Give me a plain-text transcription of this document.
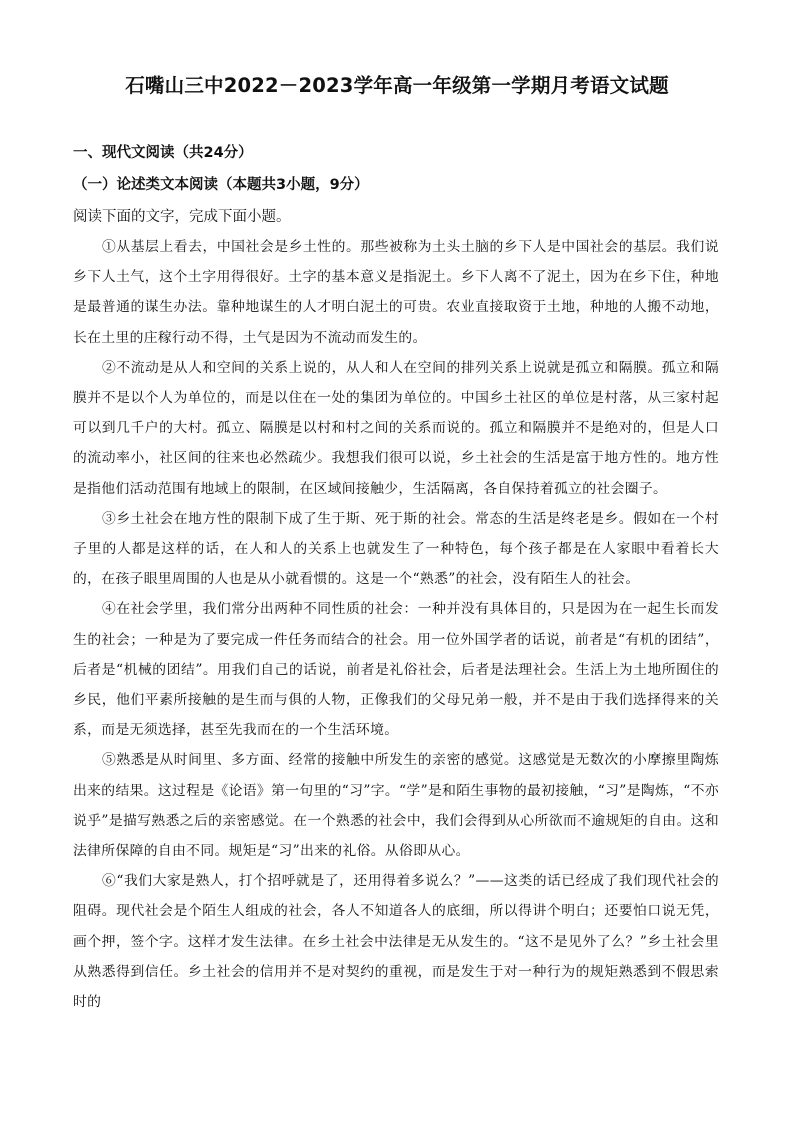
石嘴山三中2022－2023学年高一年级第一学期月考语文试题
一、现代文阅读（共24分）
（一）论述类文本阅读（本题共3小题，9分）

阅读下面的文字，完成下面小题。

①从基层上看去，中国社会是乡土性的。那些被称为土头土脑的乡下人是中国社会的基层。我们说乡下人土气，这个土字用得很好。土字的基本意义是指泥土。乡下人离不了泥土，因为在乡下住，种地是最普通的谋生办法。靠种地谋生的人才明白泥土的可贵。农业直接取资于土地，种地的人搬不动地，长在土里的庄稼行动不得，土气是因为不流动而发生的。

②不流动是从人和空间的关系上说的，从人和人在空间的排列关系上说就是孤立和隔膜。孤立和隔膜并不是以个人为单位的，而是以住在一处的集团为单位的。中国乡土社区的单位是村落，从三家村起可以到几千户的大村。孤立、隔膜是以村和村之间的关系而说的。孤立和隔膜并不是绝对的，但是人口的流动率小，社区间的往来也必然疏少。我想我们很可以说，乡土社会的生活是富于地方性的。地方性是指他们活动范围有地域上的限制，在区域间接触少，生活隔离，各自保持着孤立的社会圈子。

③乡土社会在地方性的限制下成了生于斯、死于斯的社会。常态的生活是终老是乡。假如在一个村子里的人都是这样的话，在人和人的关系上也就发生了一种特色，每个孩子都是在人家眼中看着长大的，在孩子眼里周围的人也是从小就看惯的。这是一个“熟悉”的社会，没有陌生人的社会。

④在社会学里，我们常分出两种不同性质的社会：一种并没有具体目的，只是因为在一起生长而发生的社会；一种是为了要完成一件任务而结合的社会。用一位外国学者的话说，前者是“有机的团结”，后者是“机械的团结”。用我们自己的话说，前者是礼俗社会，后者是法理社会。生活上为土地所囿住的乡民，他们平素所接触的是生而与俱的人物，正像我们的父母兄弟一般，并不是由于我们选择得来的关系，而是无须选择，甚至先我而在的一个生活环境。

⑤熟悉是从时间里、多方面、经常的接触中所发生的亲密的感觉。这感觉是无数次的小摩擦里陶炼出来的结果。这过程是《论语》第一句里的“习”字。“学”是和陌生事物的最初接触，“习”是陶炼，“不亦说乎”是描写熟悉之后的亲密感觉。在一个熟悉的社会中，我们会得到从心所欲而不逾规矩的自由。这和法律所保障的自由不同。规矩是“习”出来的礼俗。从俗即从心。

⑥“我们大家是熟人，打个招呼就是了，还用得着多说么？”——这类的话已经成了我们现代社会的阻碍。现代社会是个陌生人组成的社会，各人不知道各人的底细，所以得讲个明白；还要怕口说无凭，画个押，签个字。这样才发生法律。在乡土社会中法律是无从发生的。“这不是见外了么？”乡土社会里从熟悉得到信任。乡土社会的信用并不是对契约的重视，而是发生于对一种行为的规矩熟悉到不假思索时的
